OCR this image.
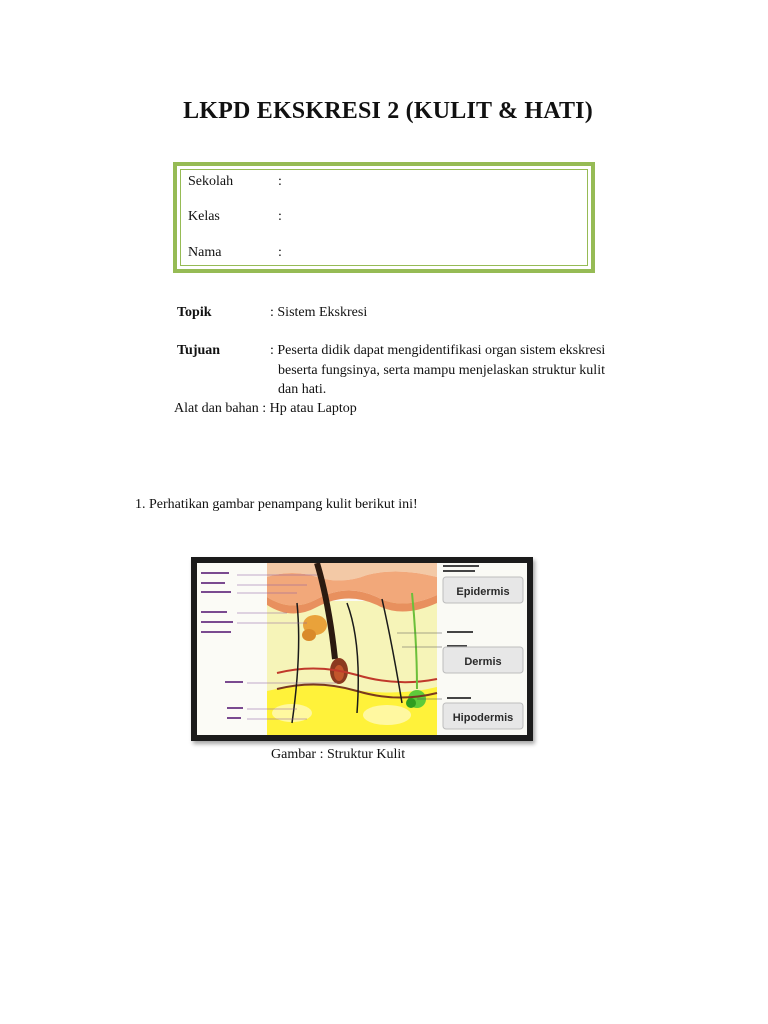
LKPD EKSKRESI 2 (KULIT & HATI)
Sekolah	:
Kelas	:
Nama	:
Topik	: Sistem Ekskresi
Tujuan	: Peserta didik dapat mengidentifikasi organ sistem ekskresi
beserta fungsinya, serta mampu menjelaskan struktur kulit
dan hati.
Alat dan bahan : Hp atau Laptop
1. Perhatikan gambar penampang kulit berikut ini!
Epidermis
Dermis
Hipodermis
Gambar : Struktur Kulit
